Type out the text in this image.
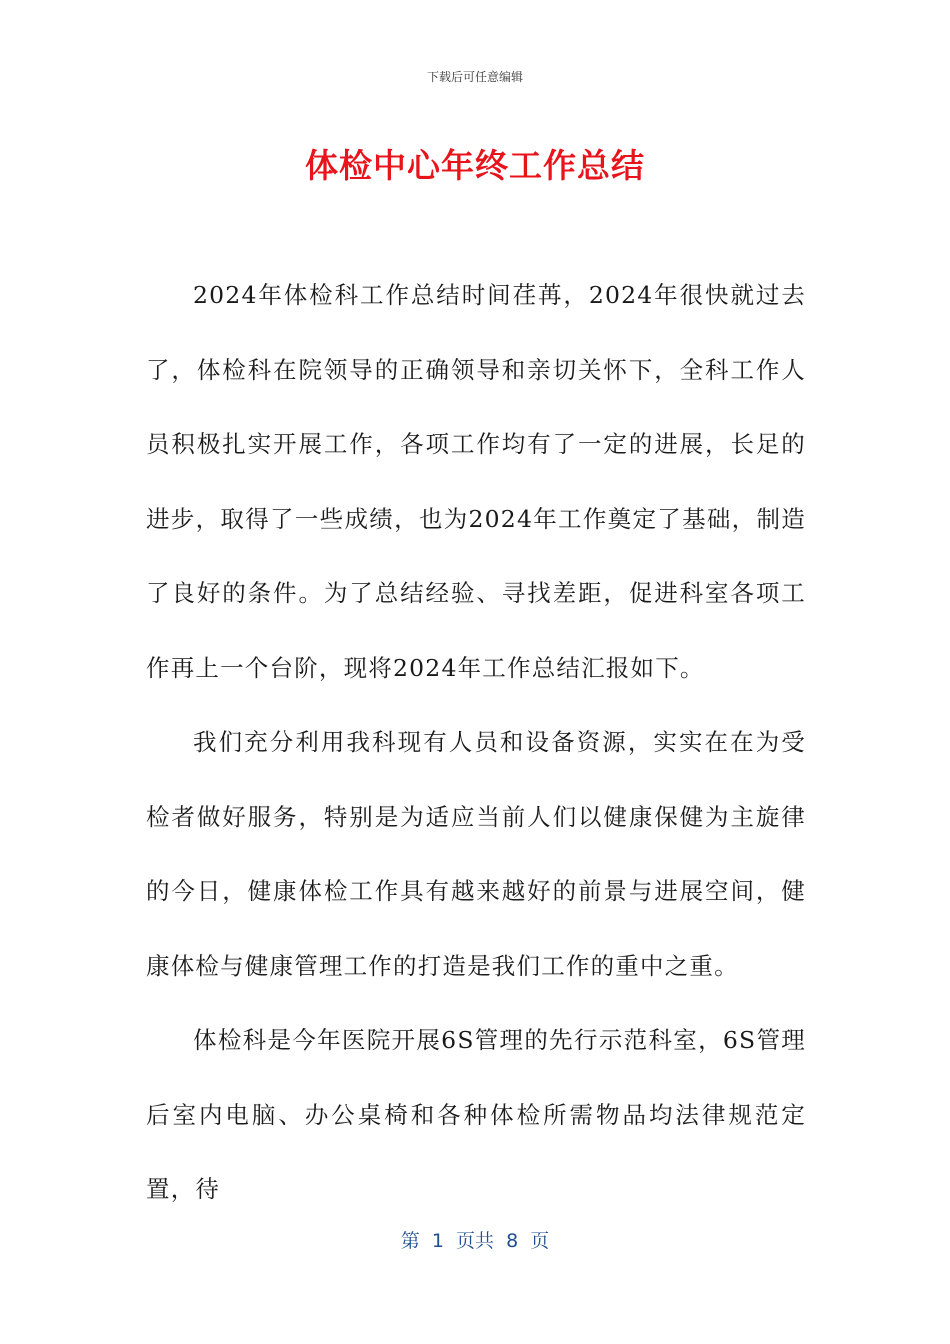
下载后可任意编辑
体检中心年终工作总结

2024年体检科工作总结时间荏苒，2024年很快就过去了，体检科在院领导的正确领导和亲切关怀下，全科工作人员积极扎实开展工作，各项工作均有了一定的进展，长足的进步，取得了一些成绩，也为2024年工作奠定了基础，制造了良好的条件。为了总结经验、寻找差距，促进科室各项工作再上一个台阶，现将2024年工作总结汇报如下。

我们充分利用我科现有人员和设备资源，实实在在为受检者做好服务，特别是为适应当前人们以健康保健为主旋律的今日，健康体检工作具有越来越好的前景与进展空间，健康体检与健康管理工作的打造是我们工作的重中之重。

体检科是今年医院开展6S管理的先行示范科室，6S管理后室内电脑、办公桌椅和各种体检所需物品均法律规范定置，待

第  1  页共  8  页
